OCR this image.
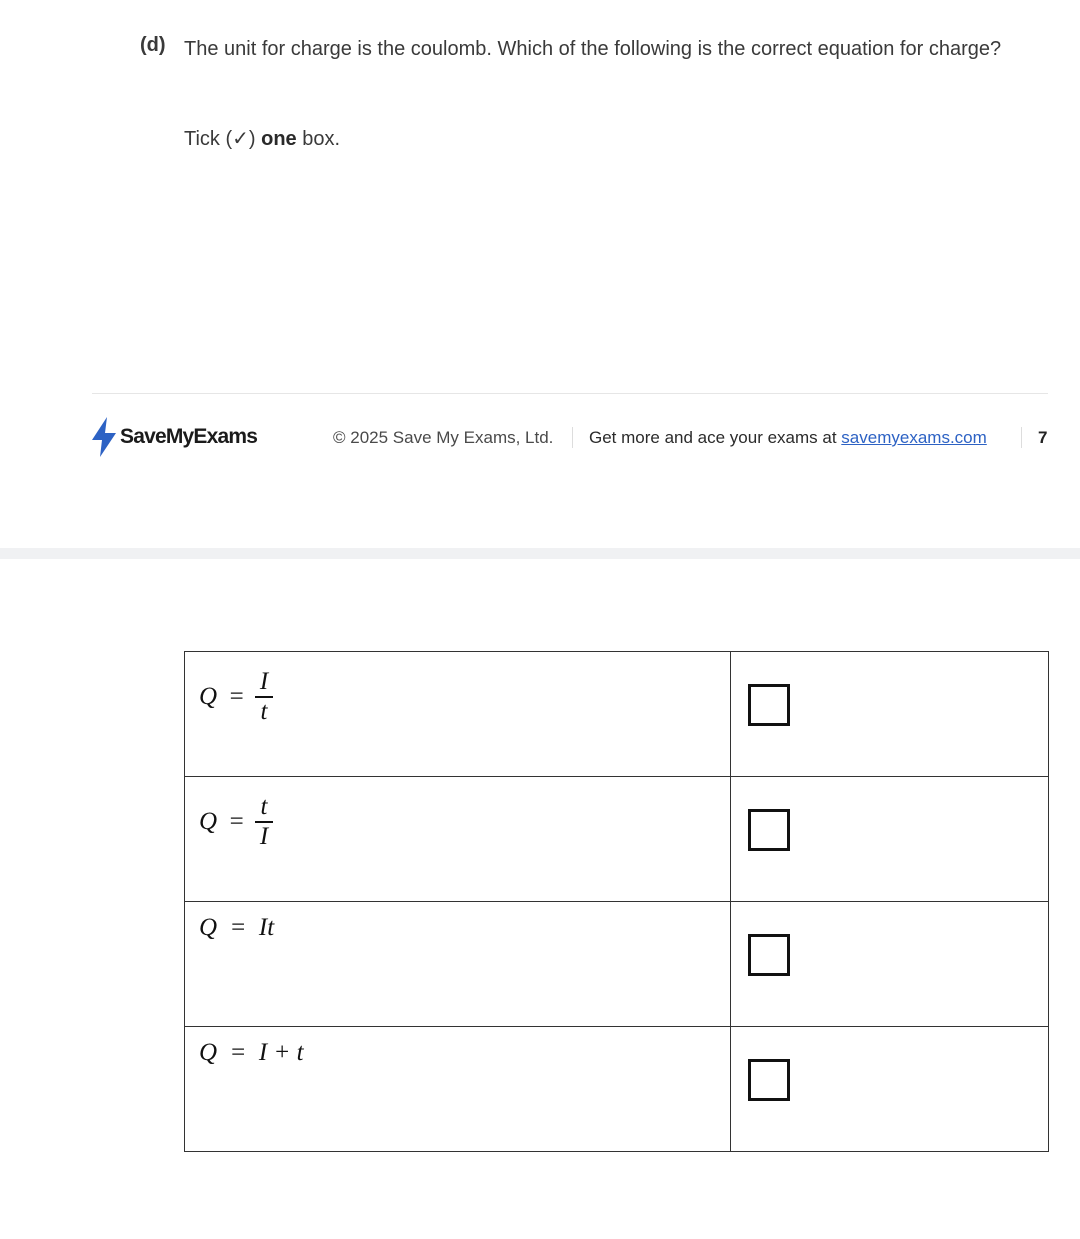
(d) The unit for charge is the coulomb. Which of the following is the correct equation for charge?
Tick (✓) one box.
SaveMyExams	© 2025 Save My Exams, Ltd. Get more and ace your exams at savemyexams.com	7
Q =
I
t	

Q =
t
I	

Q  =  It	

Q  =  I + t	
